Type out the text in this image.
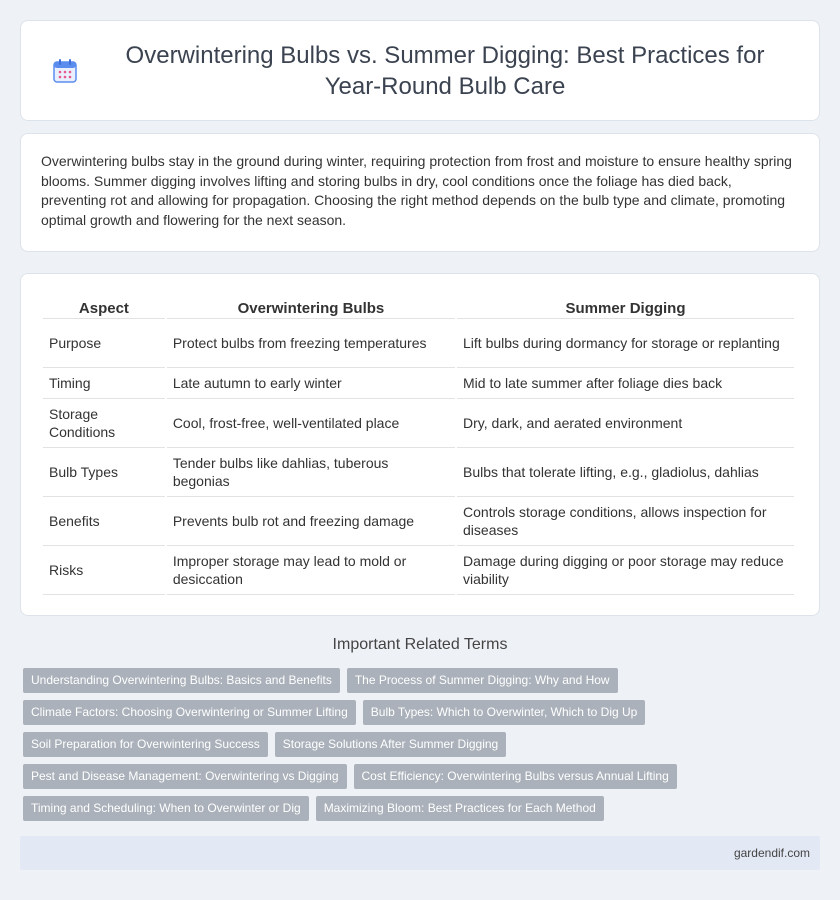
Overwintering Bulbs vs. Summer Digging: Best Practices for Year-Round Bulb Care

Overwintering bulbs stay in the ground during winter, requiring protection from frost and moisture to ensure healthy spring blooms. Summer digging involves lifting and storing bulbs in dry, cool conditions once the foliage has died back, preventing rot and allowing for propagation. Choosing the right method depends on the bulb type and climate, promoting optimal growth and flowering for the next season.

Aspect	Overwintering Bulbs	Summer Digging
Purpose	Protect bulbs from freezing temperatures	Lift bulbs during dormancy for storage or replanting
Timing	Late autumn to early winter	Mid to late summer after foliage dies back
Storage Conditions	Cool, frost-free, well-ventilated place	Dry, dark, and aerated environment
Bulb Types	Tender bulbs like dahlias, tuberous begonias	Bulbs that tolerate lifting, e.g., gladiolus, dahlias
Benefits	Prevents bulb rot and freezing damage	Controls storage conditions, allows inspection for diseases
Risks	Improper storage may lead to mold or desiccation	Damage during digging or poor storage may reduce viability
Important Related Terms
Understanding Overwintering Bulbs: Basics and Benefits	The Process of Summer Digging: Why and How
Climate Factors: Choosing Overwintering or Summer Lifting	Bulb Types: Which to Overwinter, Which to Dig Up
Soil Preparation for Overwintering Success	Storage Solutions After Summer Digging
Pest and Disease Management: Overwintering vs Digging	Cost Efficiency: Overwintering Bulbs versus Annual Lifting
Timing and Scheduling: When to Overwinter or Dig	Maximizing Bloom: Best Practices for Each Method
gardendif.com
